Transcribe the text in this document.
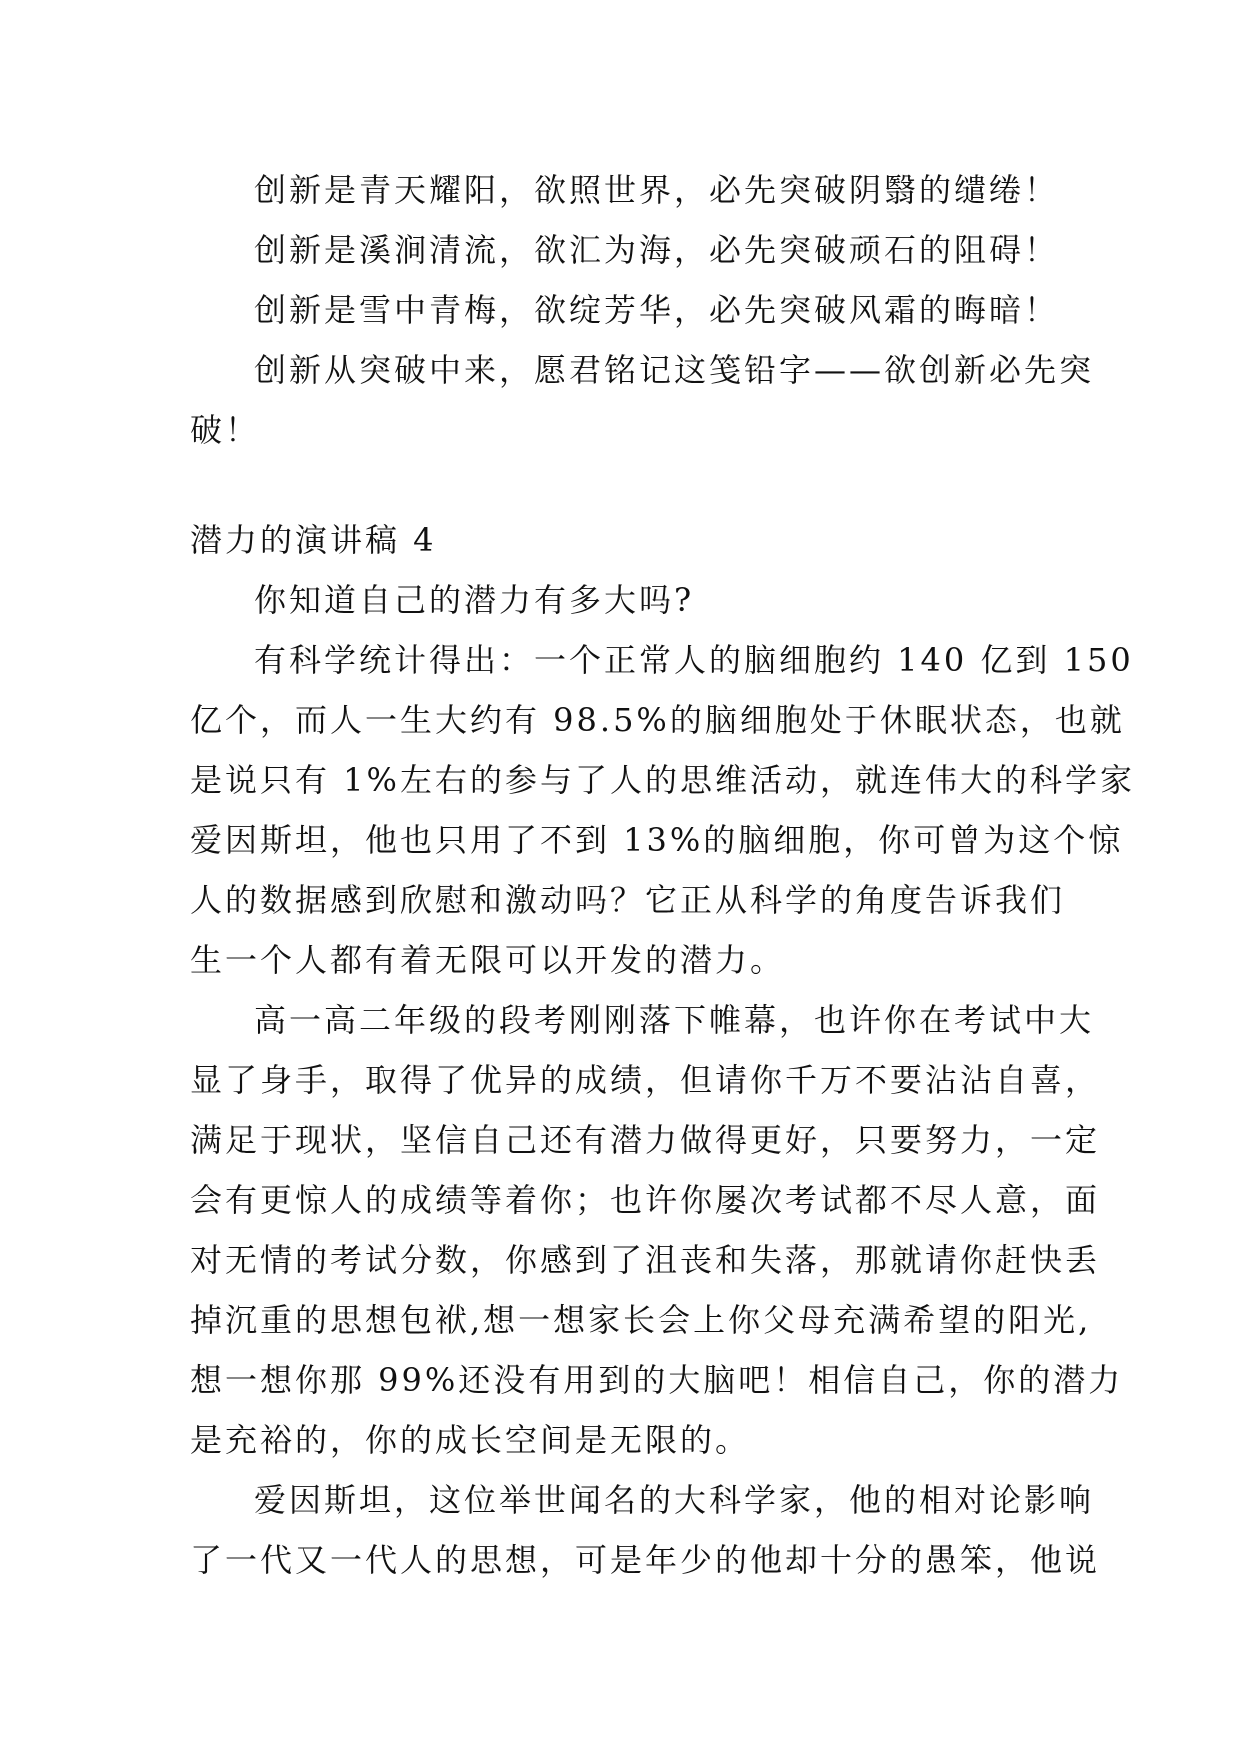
创新是青天耀阳，欲照世界，必先突破阴翳的缱绻！
创新是溪涧清流，欲汇为海，必先突破顽石的阻碍！
创新是雪中青梅，欲绽芳华，必先突破风霜的晦暗！
创新从突破中来，愿君铭记这笺铅字——欲创新必先突
破！
潜力的演讲稿 4
你知道自己的潜力有多大吗?
有科学统计得出：一个正常人的脑细胞约 140 亿到 150
亿个，而人一生大约有 98.5%的脑细胞处于休眠状态，也就
是说只有 1%左右的参与了人的思维活动，就连伟大的科学家
爱因斯坦，他也只用了不到 13%的脑细胞，你可曾为这个惊
人的数据感到欣慰和激动吗？它正从科学的角度告诉我们
生一个人都有着无限可以开发的潜力。
高一高二年级的段考刚刚落下帷幕，也许你在考试中大
显了身手，取得了优异的成绩，但请你千万不要沾沾自喜，
满足于现状，坚信自己还有潜力做得更好，只要努力，一定
会有更惊人的成绩等着你；也许你屡次考试都不尽人意，面
对无情的考试分数，你感到了沮丧和失落，那就请你赶快丢
掉沉重的思想包袱,想一想家长会上你父母充满希望的阳光,
想一想你那 99%还没有用到的大脑吧！相信自己，你的潜力
是充裕的，你的成长空间是无限的。
爱因斯坦，这位举世闻名的大科学家，他的相对论影响
了一代又一代人的思想，可是年少的他却十分的愚笨，他说
